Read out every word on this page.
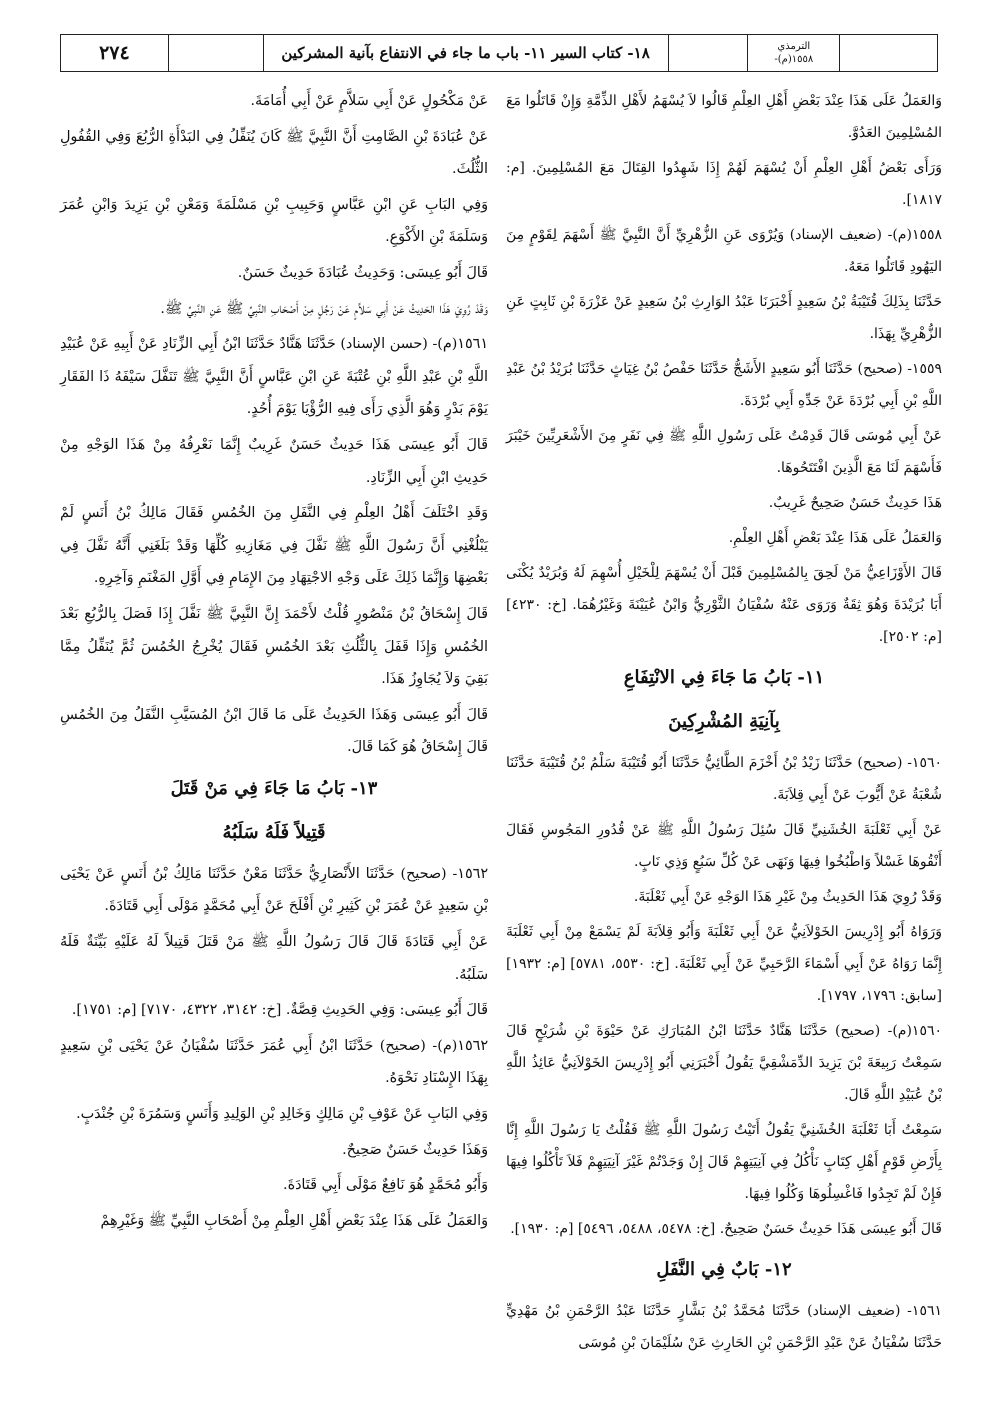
٢٧٤	١٨- كتاب السير ١١- باب ما جاء في الانتفاع بآنية المشركين	الترمذي
١٥٥٨(م)-

وَالعَمَلُ عَلَى هَذَا عِنْدَ بَعْضِ أَهْلِ العِلْمِ قَالُوا لاَ يُسْهَمُ لأَهْلِ الذِّمَّةِ وَإِنْ قَاتَلُوا مَعَ المُسْلِمِينَ العَدُوَّ.

وَرَأَى بَعْضُ أَهْلِ العِلْمِ أَنْ يُسْهَمَ لَهُمْ إِذَا شَهِدُوا القِتَالَ مَعَ المُسْلِمِينَ. [م: ١٨١٧].

١٥٥٨(م)- (ضعيف الإسناد) وَيُرْوَى عَنِ الزُّهْرِيِّ أَنَّ النَّبِيَّ ﷺ أَسْهَمَ لِقَوْمٍ مِنَ اليَهُودِ قَاتَلُوا مَعَهُ.

حَدَّثَنَا بِذَلِكَ قُتَيْبَةُ بْنُ سَعِيدٍ أَخْبَرَنَا عَبْدُ الوَارِثِ بْنُ سَعِيدٍ عَنْ عَزْرَةَ بْنِ ثَابِتٍ عَنِ الزُّهْرِيِّ بِهَذَا.

١٥٥٩- (صحيح) حَدَّثَنَا أَبُو سَعِيدٍ الأَشَجُّ حَدَّثَنَا حَفْصُ بْنُ غِيَاثٍ حَدَّثَنَا بُرَيْدُ بْنُ عَبْدِ اللَّهِ بْنِ أَبِي بُرْدَةَ عَنْ جَدِّهِ أَبِي بُرْدَةَ.

عَنْ أَبِي مُوسَى قَالَ قَدِمْتُ عَلَى رَسُولِ اللَّهِ ﷺ فِي نَفَرٍ مِنَ الأَشْعَرِيِّينَ خَيْبَرَ فَأَسْهَمَ لَنَا مَعَ الَّذِينَ افْتَتَحُوهَا.

هَذَا حَدِيثٌ حَسَنٌ صَحِيحٌ غَرِيبٌ.

وَالعَمَلُ عَلَى هَذَا عِنْدَ بَعْضِ أَهْلِ العِلْمِ.

قَالَ الأَوْزَاعِيُّ مَنْ لَحِقَ بِالمُسْلِمِينَ قَبْلَ أَنْ يُسْهَمَ لِلْخَيْلِ أُسْهِمَ لَهُ وَبُرَيْدٌ يُكْنَى أَبَا بُرَيْدَةَ وَهُوَ ثِقَةٌ وَرَوَى عَنْهُ سُفْيَانُ الثَّوْرِيُّ وَابْنُ عُيَيْنَةَ وَغَيْرُهُمَا. [خ: ٤٢٣٠] [م: ٢٥٠٢].

١١- بَابُ مَا جَاءَ فِي الانْتِفَاعِ

بِآنِيَةِ المُشْرِكِينَ

١٥٦٠- (صحيح) حَدَّثَنَا زَيْدُ بْنُ أَخْزَمَ الطَّائِيُّ حَدَّثَنَا أَبُو قُتَيْبَةَ سَلْمُ بْنُ قُتَيْبَةَ حَدَّثَنَا شُعْبَةُ عَنْ أَيُّوبَ عَنْ أَبِي قِلاَبَةَ.

عَنْ أَبِي ثَعْلَبَةَ الخُشَنِيِّ قَالَ سُئِلَ رَسُولُ اللَّهِ ﷺ عَنْ قُدُورِ المَجُوسِ فَقَالَ أَنْقُوهَا غَسْلاً وَاطْبُخُوا فِيهَا وَنَهَى عَنْ كُلِّ سَبُعٍ وَذِي نَابٍ.

وَقَدْ رُوِيَ هَذَا الحَدِيثُ مِنْ غَيْرِ هَذَا الوَجْهِ عَنْ أَبِي ثَعْلَبَةَ.

وَرَوَاهُ أَبُو إِدْرِيسَ الخَوْلاَنِيُّ عَنْ أَبِي ثَعْلَبَةَ وَأَبُو قِلاَبَةَ لَمْ يَسْمَعْ مِنْ أَبِي ثَعْلَبَةَ إِنَّمَا رَوَاهُ عَنْ أَبِي أَسْمَاءَ الرَّحَبِيِّ عَنْ أَبِي ثَعْلَبَةَ. [خ: ٥٥٣٠، ٥٧٨١] [م: ١٩٣٢] [سابق: ١٧٩٦، ١٧٩٧].

١٥٦٠(م)- (صحيح) حَدَّثَنَا هَنَّادٌ حَدَّثَنَا ابْنُ المُبَارَكِ عَنْ حَيْوَةَ بْنِ شُرَيْحٍ قَالَ سَمِعْتُ رَبِيعَةَ بْنَ يَزِيدَ الدِّمَشْقِيَّ يَقُولُ أَخْبَرَنِي أَبُو إِدْرِيسَ الخَوْلاَنِيُّ عَائِذُ اللَّهِ بْنُ عُبَيْدِ اللَّهِ قَالَ.

سَمِعْتُ أَبَا ثَعْلَبَةَ الخُشَنِيَّ يَقُولُ أَتَيْتُ رَسُولَ اللَّهِ ﷺ فَقُلْتُ يَا رَسُولَ اللَّهِ إِنَّا بِأَرْضِ قَوْمٍ أَهْلِ كِتَابٍ نَأْكُلُ فِي آنِيَتِهِمْ قَالَ إِنْ وَجَدْتُمْ غَيْرَ آنِيَتِهِمْ فَلاَ تَأْكُلُوا فِيهَا فَإِنْ لَمْ تَجِدُوا فَاغْسِلُوهَا وَكُلُوا فِيهَا.

قَالَ أَبُو عِيسَى هَذَا حَدِيثٌ حَسَنٌ صَحِيحٌ. [خ: ٥٤٧٨، ٥٤٨٨، ٥٤٩٦] [م: ١٩٣٠].

١٢- بَابٌ فِي النَّفَلِ

١٥٦١- (ضعيف الإسناد) حَدَّثَنَا مُحَمَّدُ بْنُ بَشَّارٍ حَدَّثَنَا عَبْدُ الرَّحْمَنِ بْنُ مَهْدِيٍّ حَدَّثَنَا سُفْيَانُ عَنْ عَبْدِ الرَّحْمَنِ بْنِ الحَارِثِ عَنْ سُلَيْمَانَ بْنِ مُوسَى

عَنْ مَكْحُولٍ عَنْ أَبِي سَلاَّمٍ عَنْ أَبِي أُمَامَةَ.

عَنْ عُبَادَةَ بْنِ الصَّامِتِ أَنَّ النَّبِيَّ ﷺ كَانَ يُنَفِّلُ فِي البَدْأَةِ الرُّبُعَ وَفِي القُفُولِ الثُّلُثَ.

وَفِي البَابِ عَنِ ابْنِ عَبَّاسٍ وَحَبِيبِ بْنِ مَسْلَمَةَ وَمَعْنِ بْنِ يَزِيدَ وَابْنِ عُمَرَ وَسَلَمَةَ بْنِ الأَكْوَعِ.

قَالَ أَبُو عِيسَى: وَحَدِيثُ عُبَادَةَ حَدِيثٌ حَسَنٌ.

وَقَدْ رُوِيَ هَذَا الحَدِيثُ عَنْ أَبِي سَلاَّمٍ عَنْ رَجُلٍ مِنْ أَصْحَابِ النَّبِيِّ ﷺ عَنِ النَّبِيِّ ﷺ.

١٥٦١(م)- (حسن الإسناد) حَدَّثَنَا هَنَّادٌ حَدَّثَنَا ابْنُ أَبِي الزِّنَادِ عَنْ أَبِيهِ عَنْ عُبَيْدِ اللَّهِ بْنِ عَبْدِ اللَّهِ بْنِ عُتْبَةَ عَنِ ابْنِ عَبَّاسٍ أَنَّ النَّبِيَّ ﷺ تَنَفَّلَ سَيْفَهُ ذَا الفَقَارِ يَوْمَ بَدْرٍ وَهُوَ الَّذِي رَأَى فِيهِ الرُّؤْيَا يَوْمَ أُحُدٍ.

قَالَ أَبُو عِيسَى هَذَا حَدِيثٌ حَسَنٌ غَرِيبٌ إِنَّمَا نَعْرِفُهُ مِنْ هَذَا الوَجْهِ مِنْ حَدِيثِ ابْنِ أَبِي الزِّنَادِ.

وَقَدِ اخْتَلَفَ أَهْلُ العِلْمِ فِي النَّفَلِ مِنَ الخُمُسِ فَقَالَ مَالِكُ بْنُ أَنَسٍ لَمْ يَبْلُغْنِي أَنَّ رَسُولَ اللَّهِ ﷺ نَفَّلَ فِي مَغَازِيهِ كُلِّهَا وَقَدْ بَلَغَنِي أَنَّهُ نَفَّلَ فِي بَعْضِهَا وَإِنَّمَا ذَلِكَ عَلَى وَجْهِ الاجْتِهَادِ مِنَ الإِمَامِ فِي أَوَّلِ المَغْنَمِ وَآخِرِهِ.

قَالَ إِسْحَاقُ بْنُ مَنْصُورٍ قُلْتُ لأَحْمَدَ إِنَّ النَّبِيَّ ﷺ نَفَّلَ إِذَا فَصَلَ بِالرُّبُعِ بَعْدَ الخُمُسِ وَإِذَا قَفَلَ بِالثُّلُثِ بَعْدَ الخُمُسِ فَقَالَ يُخْرِجُ الخُمُسَ ثُمَّ يُنَفِّلُ مِمَّا بَقِيَ وَلاَ يُجَاوِزُ هَذَا.

قَالَ أَبُو عِيسَى وَهَذَا الحَدِيثُ عَلَى مَا قَالَ ابْنُ المُسَيَّبِ النَّفَلُ مِنَ الخُمُسِ قَالَ إِسْحَاقُ هُوَ كَمَا قَالَ.

١٣- بَابُ مَا جَاءَ فِي مَنْ قَتَلَ

قَتِيلاً فَلَهُ سَلَبُهُ

١٥٦٢- (صحيح) حَدَّثَنَا الأَنْصَارِيُّ حَدَّثَنَا مَعْنٌ حَدَّثَنَا مَالِكُ بْنُ أَنَسٍ عَنْ يَحْيَى بْنِ سَعِيدٍ عَنْ عُمَرَ بْنِ كَثِيرِ بْنِ أَفْلَحَ عَنْ أَبِي مُحَمَّدٍ مَوْلَى أَبِي قَتَادَةَ.

عَنْ أَبِي قَتَادَةَ قَالَ قَالَ رَسُولُ اللَّهِ ﷺ مَنْ قَتَلَ قَتِيلاً لَهُ عَلَيْهِ بَيِّنَةٌ فَلَهُ سَلَبُهُ.

قَالَ أَبُو عِيسَى: وَفِي الحَدِيثِ قِصَّةٌ. [خ: ٣١٤٢، ٤٣٢٢، ٧١٧٠] [م: ١٧٥١].

١٥٦٢(م)- (صحيح) حَدَّثَنَا ابْنُ أَبِي عُمَرَ حَدَّثَنَا سُفْيَانُ عَنْ يَحْيَى بْنِ سَعِيدٍ بِهَذَا الإِسْنَادِ نَحْوَهُ.

وَفِي البَابِ عَنْ عَوْفِ بْنِ مَالِكٍ وَخَالِدِ بْنِ الوَلِيدِ وَأَنَسٍ وَسَمُرَةَ بْنِ جُنْدَبٍ.

وَهَذَا حَدِيثٌ حَسَنٌ صَحِيحٌ.

وَأَبُو مُحَمَّدٍ هُوَ نَافِعٌ مَوْلَى أَبِي قَتَادَةَ.

وَالعَمَلُ عَلَى هَذَا عِنْدَ بَعْضِ أَهْلِ العِلْمِ مِنْ أَصْحَابِ النَّبِيِّ ﷺ وَغَيْرِهِمْ
